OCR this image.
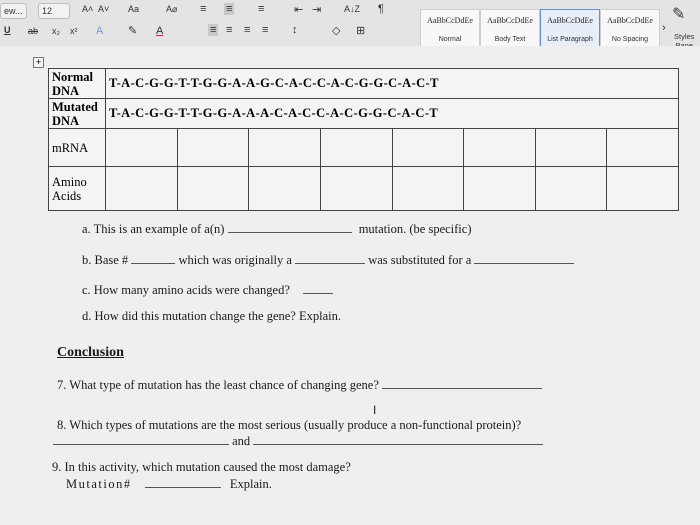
ew...	12	A˄ A˅ Aa	A⌀ ≡ ≡ ≡	⇤ ⇥	A↓Z ¶
U ab x₂ x² A ✎ A	≡ ≡ ≡ ≡ ↕	◇ ⊞
AaBbCcDdEe
Normal
AaBbCcDdEe
Body Text
AaBbCcDdEe
List Paragraph
AaBbCcDdEe
No Spacing
›
✎
Styles

+
Normal DNA	T-A-C-G-G-T-T-G-G-A-A-G-C-A-C-C-A-C-G-G-C-A-C-T							
Mutated DNA	T-A-C-G-G-T-T-G-G-A-A-A-C-A-C-C-A-C-G-G-C-A-C-T							
mRNA								
Amino Acids								
a. This is an example of a(n)	mutation. (be specific)
b. Base #	which was originally a	was substituted for a
c. How many amino acids were changed?
d. How did this mutation change the gene? Explain.
Conclusion
7. What type of mutation has the least chance of changing gene?
I
8. Which types of mutations are the most serious (usually produce a non-functional protein)?
and
9. In this activity, which mutation caused the most damage?
Mutation#	Explain.
